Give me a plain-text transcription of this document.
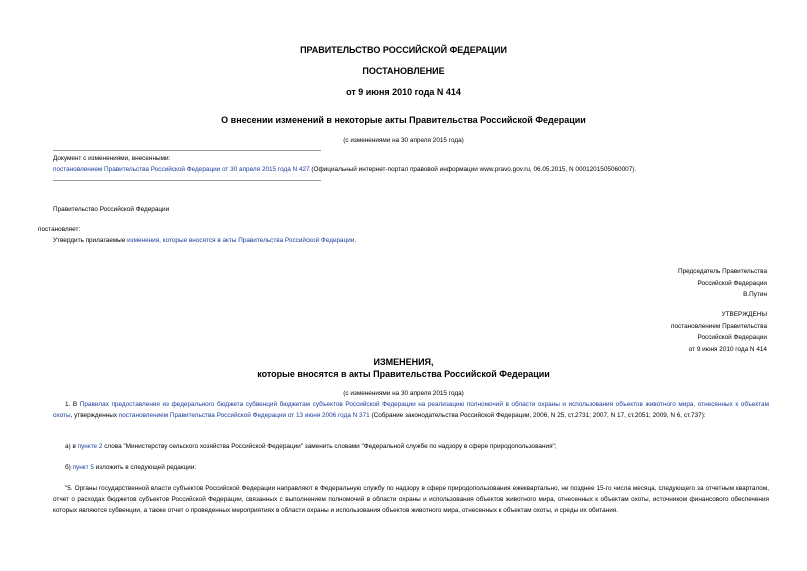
ПРАВИТЕЛЬСТВО РОССИЙСКОЙ ФЕДЕРАЦИИ
ПОСТАНОВЛЕНИЕ
от 9 июня 2010 года N 414
О внесении изменений в некоторые акты Правительства Российской Федерации
(с изменениями на 30 апреля 2015 года)
Документ с изменениями, внесенными:
постановлением Правительства Российской Федерации от 30 апреля 2015 года N 427 (Официальный интернет-портал правовой информации www.pravo.gov.ru, 06.05.2015, N 0001201505060007).
Правительство Российской Федерации
постановляет:
Утвердить прилагаемые изменения, которые вносятся в акты Правительства Российской Федерации.
Председатель Правительства
Российской Федерации
В.Путин
УТВЕРЖДЕНЫ
постановлением Правительства
Российской Федерации
от 9 июня 2010 года N 414
ИЗМЕНЕНИЯ,
которые вносятся в акты Правительства Российской Федерации
(с изменениями на 30 апреля 2015 года)
1. В Правилах предоставления из федерального бюджета субвенций бюджетам субъектов Российской Федерации на реализацию полномочий в области охраны и использования объектов животного мира, отнесенных к объектам охоты, утвержденных постановлением Правительства Российской Федерации от 13 июня 2006 года N 371 (Собрание законодательства Российской Федерации, 2006, N 25, ст.2731; 2007, N 17, ст.2051; 2009, N 6, ст.737):
а) в пункте 2 слова "Министерству сельского хозяйства Российской Федерации" заменить словами "Федеральной службе по надзору в сфере природопользования";
б) пункт 5 изложить в следующей редакции:
"5. Органы государственной власти субъектов Российской Федерации направляют в Федеральную службу по надзору в сфере природопользования ежеквартально, не позднее 15-го числа месяца, следующего за отчетным кварталом, отчет о расходах бюджетов субъектов Российской Федерации, связанных с выполнением полномочий в области охраны и использования объектов животного мира, отнесенных к объектам охоты, источником финансового обеспечения которых являются субвенции, а также отчет о проведенных мероприятиях в области охраны и использования объектов животного мира, отнесенных к объектам охоты, и среды их обитания.
